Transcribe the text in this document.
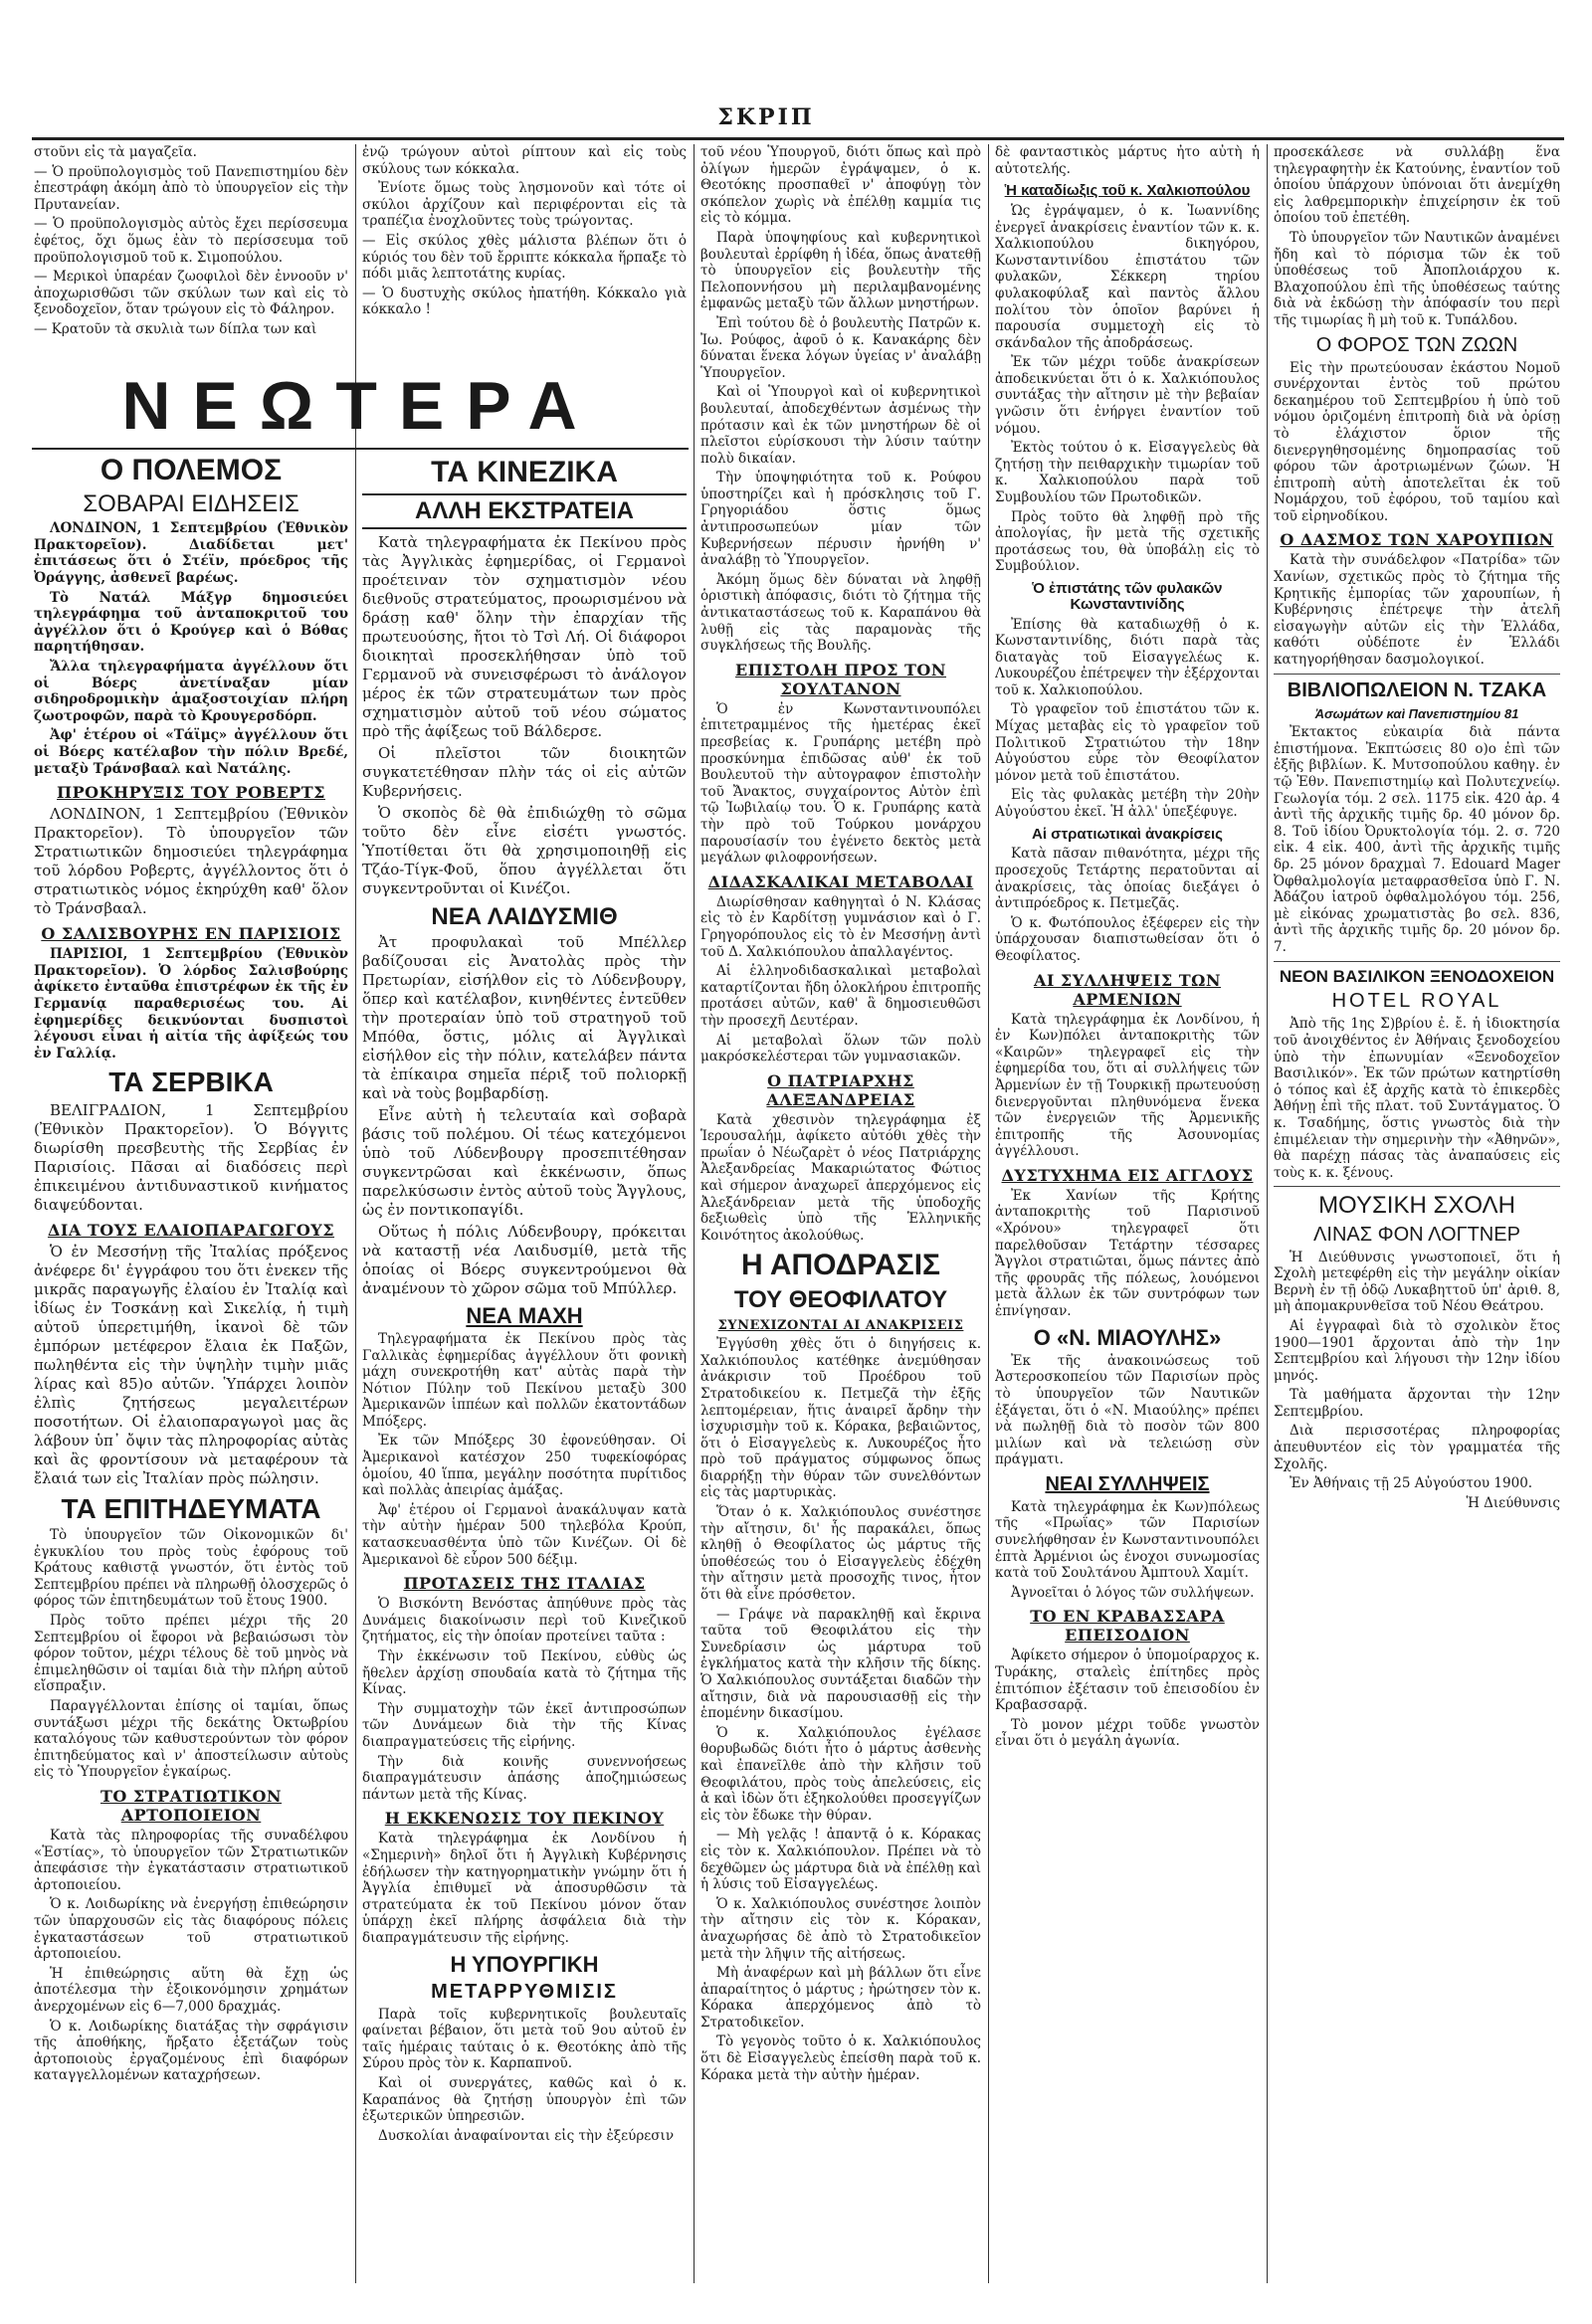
ΣΚΡΙΠ

στοῦνι εἰς τὰ μαγαζεῖα.

— Ὁ προϋπολογισμὸς τοῦ Πανεπιστημίου δὲν ἐπεστράφη ἀκόμη ἀπὸ τὸ ὑπουργεῖον εἰς τὴν Πρυτανείαν.

— Ὁ προϋπολογισμὸς αὐτὸς ἔχει περίσσευμα ἐφέτος, ὄχι ὅμως ἐὰν τὸ περίσσευμα τοῦ προϋπολογισμοῦ τοῦ κ. Σιμοπούλου.

— Μερικοὶ ὑπαρέαν ζωοφιλοὶ δὲν ἐννοοῦν ν' ἀποχωρισθῶσι τῶν σκύλων των καὶ εἰς τὸ ξενοδοχεῖον, ὅταν τρώγουν εἰς τὸ Φάληρον.

— Κρατοῦν τὰ σκυλιὰ των δίπλα των καὶ

Ο ΠΟΛΕΜΟΣ
ΣΟΒΑΡΑΙ ΕΙΔΗΣΕΙΣ

ΛΟΝΔΙΝΟΝ, 1 Σεπτεμβρίου (Ἐθνικὸν Πρακτορεῖον). Διαδίδεται μετ' ἐπιτάσεως ὅτι ὁ Στέϊν, πρόεδρος τῆς Ὀράγγης, ἀσθενεῖ βαρέως.

Τὸ Νατάλ Μάξγρ δημοσιεύει τηλεγράφημα τοῦ ἀνταποκριτοῦ του ἀγγέλλον ὅτι ὁ Κρούγερ καὶ ὁ Βόθας παρητήθησαν.

Ἄλλα τηλεγραφήματα ἀγγέλλουν ὅτι οἱ Βόερς ἀνετίναξαν μίαν σιδηροδρομικὴν ἁμαξοστοιχίαν πλήρη ζωοτροφῶν, παρὰ τὸ Κρουγερσδόρπ.

Ἀφ' ἑτέρου οἱ «Τάϊμς» ἀγγέλλουν ὅτι οἱ Βόερς κατέλαβον τὴν πόλιν Βρεδέ, μεταξὺ Τράνσβααλ καὶ Νατάλης.

ΠΡΟΚΗΡΥΞΙΣ ΤΟΥ ΡΟΒΕΡΤΣ

ΛΟΝΔΙΝΟΝ, 1 Σεπτεμβρίου (Ἐθνικὸν Πρακτορεῖον). Τὸ ὑπουργεῖον τῶν Στρατιωτικῶν δημοσιεύει τηλεγράφημα τοῦ λόρδου Ροβερτς, ἀγγέλλοντος ὅτι ὁ στρατιωτικὸς νόμος ἐκηρύχθη καθ' ὅλον τὸ Τράνσβααλ.

Ο ΣΑΛΙΣΒΟΥΡΗΣ ΕΝ ΠΑΡΙΣΙΟΙΣ

ΠΑΡΙΣΙΟΙ, 1 Σεπτεμβρίου (Ἐθνικὸν Πρακτορεῖον). Ὁ λόρδος Σαλισβούρης ἀφίκετο ἐνταῦθα ἐπιστρέφων ἐκ τῆς ἐν Γερμανίᾳ παραθερισέως του. Αἱ ἐφημερίδες δεικνύονται δυσπιστοὶ λέγουσι εἶναι ἡ αἰτία τῆς ἀφίξεώς του ἐν Γαλλίᾳ.

ΤΑ ΣΕΡΒΙΚΑ

ΒΕΛΙΓΡΑΔΙΟΝ, 1 Σεπτεμβρίου (Ἐθνικὸν Πρακτορεῖον). Ὁ Βόγγιτς διωρίσθη πρεσβευτὴς τῆς Σερβίας ἐν Παρισίοις. Πᾶσαι αἱ διαδόσεις περὶ ἐπικειμένου ἀντιδυναστικοῦ κινήματος διαψεύδονται.

ΔΙΑ ΤΟΥΣ ΕΛΑΙΟΠΑΡΑΓΩΓΟΥΣ

Ὁ ἐν Μεσσήνῃ τῆς Ἰταλίας πρόξενος ἀνέφερε δι' ἐγγράφου του ὅτι ἐνεκεν τῆς μικρᾶς παραγωγῆς ἐλαίου ἐν Ἰταλίᾳ καὶ ἰδίως ἐν Τοσκάνῃ καὶ Σικελίᾳ, ἡ τιμὴ αὐτοῦ ὑπερετιμήθη, ἱκανοὶ δὲ τῶν ἐμπόρων μετέφερον ἔλαια ἐκ Παξῶν, πωληθέντα εἰς τὴν ὑψηλὴν τιμὴν μιᾶς λίρας καὶ 85)ο αὐτῶν. Ὑπάρχει λοιπὸν ἐλπὶς ζητήσεως μεγαλειτέρων ποσοτήτων. Οἱ ἐλαιοπαραγωγοὶ μας ἂς λάβουν ὑπ᾽ ὄψιν τὰς πληροφορίας αὐτὰς καὶ ἂς φροντίσουν νὰ μεταφέρουν τὰ ἔλαιά των εἰς Ἰταλίαν πρὸς πώλησιν.

ΤΑ ΕΠΙΤΗΔΕΥΜΑΤΑ

Τὸ ὑπουργεῖον τῶν Οἰκονομικῶν δι' ἐγκυκλίου του πρὸς τοὺς ἐφόρους τοῦ Κράτους καθιστᾷ γνωστόν, ὅτι ἐντὸς τοῦ Σεπτεμβρίου πρέπει νὰ πληρωθῇ ὁλοσχερῶς ὁ φόρος τῶν ἐπιτηδευμάτων τοῦ ἔτους 1900.

Πρὸς τοῦτο πρέπει μέχρι τῆς 20 Σεπτεμβρίου οἱ ἔφοροι νὰ βεβαιώσωσι τὸν φόρον τοῦτον, μέχρι τέλους δὲ τοῦ μηνὸς νὰ ἐπιμεληθῶσιν οἱ ταμίαι διὰ τὴν πλήρη αὐτοῦ εἴσπραξιν.

Παραγγέλλονται ἐπίσης οἱ ταμίαι, ὅπως συντάξωσι μέχρι τῆς δεκάτης Ὀκτωβρίου καταλόγους τῶν καθυστερούντων τὸν φόρον ἐπιτηδεύματος καὶ ν' ἀποστείλωσιν αὐτοὺς εἰς τὸ Ὑπουργεῖον ἐγκαίρως.

ΤΟ ΣΤΡΑΤΙΩΤΙΚΟΝ ΑΡΤΟΠΟΙΕΙΟΝ

Κατὰ τὰς πληροφορίας τῆς συναδέλφου «Ἑστίας», τὸ ὑπουργεῖον τῶν Στρατιωτικῶν ἀπεφάσισε τὴν ἐγκατάστασιν στρατιωτικοῦ ἀρτοποιείου.

Ὁ κ. Λοιδωρίκης νὰ ἐνεργήσῃ ἐπιθεώρησιν τῶν ὑπαρχουσῶν εἰς τὰς διαφόρους πόλεις ἐγκαταστάσεων τοῦ στρατιωτικοῦ ἀρτοποιείου.

Ἡ ἐπιθεώρησις αὕτη θὰ ἔχῃ ὡς ἀποτέλεσμα τὴν ἐξοικονόμησιν χρημάτων ἀνερχομένων εἰς 6—7,000 δραχμάς.

Ὁ κ. Λοιδωρίκης διατάξας τὴν σφράγισιν τῆς ἀποθήκης, ἤρξατο ἐξετάζων τοὺς ἀρτοποιοὺς ἐργαζομένους ἐπὶ διαφόρων καταγγελλομένων καταχρήσεων.

ἐνῷ τρώγουν αὐτοὶ ρίπτουν καὶ εἰς τοὺς σκύλους των κόκκαλα.

Ἐνίοτε ὅμως τοὺς λησμονοῦν καὶ τότε οἱ σκύλοι ἀρχίζουν καὶ περιφέρονται εἰς τὰ τραπέζια ἐνοχλοῦντες τοὺς τρώγοντας.

— Εἰς σκύλος χθὲς μάλιστα βλέπων ὅτι ὁ κύριός του δὲν τοῦ ἔρριπτε κόκκαλα ἥρπαξε τὸ πόδι μιᾶς λεπτοτάτης κυρίας.

— Ὁ δυστυχὴς σκύλος ἠπατήθη. Κόκκαλο γιὰ κόκκαλο !

ΤΑ ΚΙΝΕΖΙΚΑ
ΑΛΛΗ ΕΚΣΤΡΑΤΕΙΑ

Κατὰ τηλεγραφήματα ἐκ Πεκίνου πρὸς τὰς Ἀγγλικὰς ἐφημερίδας, οἱ Γερμανοὶ προέτειναν τὸν σχηματισμὸν νέου διεθνοῦς στρατεύματος, προωρισμένου νὰ δράσῃ καθ' ὅλην τὴν ἐπαρχίαν τῆς πρωτευούσης, ἤτοι τὸ Τσὶ Λή. Οἱ διάφοροι διοικηταὶ προσεκλήθησαν ὑπὸ τοῦ Γερμανοῦ νὰ συνεισφέρωσι τὸ ἀνάλογον μέρος ἐκ τῶν στρατευμάτων των πρὸς σχηματισμὸν αὐτοῦ τοῦ νέου σώματος πρὸ τῆς ἀφίξεως τοῦ Βάλδερσε.

Οἱ πλεῖστοι τῶν διοικητῶν συγκατετέθησαν πλὴν τάς οἱ εἰς αὐτῶν Κυβερνήσεις.

Ὁ σκοπὸς δὲ θὰ ἐπιδιώχθῃ τὸ σῶμα τοῦτο δὲν εἶνε εἰσέτι γνωστός. Ὑποτίθεται ὅτι θὰ χρησιμοποιηθῇ εἰς Τζάο-Τίγκ-Φοῦ, ὅπου ἀγγέλλεται ὅτι συγκεντροῦνται οἱ Κινέζοι.

ΝΕΑ ΛΑΙΔΥΣΜΙΘ

Ἀτ προφυλακαὶ τοῦ Μπέλλερ βαδίζουσαι εἰς Ἀνατολὰς πρὸς τὴν Πρετωρίαν, εἰσήλθον εἰς τὸ Λύδενβουργ, ὅπερ καὶ κατέλαβον, κινηθέντες ἐντεῦθεν τὴν προτεραίαν ὑπὸ τοῦ στρατηγοῦ τοῦ Μπόθα, ὅστις, μόλις αἱ Ἀγγλικαὶ εἰσήλθον εἰς τὴν πόλιν, κατελάβεν πάντα τὰ ἐπίκαιρα σημεῖα πέριξ τοῦ πολιορκῇ καὶ νὰ τοὺς βομβαρδίσῃ.

Εἶνε αὐτὴ ἡ τελευταία καὶ σοβαρὰ βάσις τοῦ πολέμου. Οἱ τέως κατεχόμενοι ὑπὸ τοῦ Λύδενβουργ προσεπιτέθησαν συγκεντρῶσαι καὶ ἐκκένωσιν, ὅπως παρελκύσωσιν ἐντὸς αὐτοῦ τοὺς Ἄγγλους, ὡς ἐν ποντικοπαγίδι.

Οὕτως ἡ πόλις Λύδενβουργ, πρόκειται νὰ καταστῇ νέα Λαιδυσμίθ, μετὰ τῆς ὁποίας οἱ Βόερς συγκεντρούμενοι θὰ ἀναμένουν τὸ χῶρον σῶμα τοῦ Μπύλλερ.

ΝΕΑ ΜΑΧΗ

Τηλεγραφήματα ἐκ Πεκίνου πρὸς τὰς Γαλλικὰς ἐφημερίδας ἀγγέλλουν ὅτι φονικὴ μάχη συνεκροτήθη κατ' αὐτὰς παρὰ τὴν Νότιον Πύλην τοῦ Πεκίνου μεταξὺ 300 Ἀμερικανῶν ἱππέων καὶ πολλῶν ἑκατοντάδων Μπόξερς.

Ἐκ τῶν Μπόξερς 30 ἐφονεύθησαν. Οἱ Ἀμερικανοὶ κατέσχον 250 τυφεκίοφόρας ὁμοίου, 40 ἵππα, μεγάλην ποσότητα πυρίτιδος καὶ πολλὰς ἀπειρίας ἀμάξας.

Ἀφ' ἑτέρου οἱ Γερμανοὶ ἀνακάλυψαν κατὰ τὴν αὐτὴν ἡμέραν 500 τηλεβόλα Κρούπ, κατασκευασθέντα ὑπὸ τῶν Κινέζων. Οἱ δὲ Ἀμερικανοὶ δὲ εὗρον 500 δέξιμ.

ΠΡΟΤΑΣΕΙΣ ΤΗΣ ΙΤΑΛΙΑΣ

Ὁ Βισκόντη Βενόστας ἀπηύθυνε πρὸς τὰς Δυνάμεις διακοίνωσιν περὶ τοῦ Κινεζικοῦ ζητήματος, εἰς τὴν ὁποίαν προτείνει ταῦτα :

Τὴν ἐκκένωσιν τοῦ Πεκίνου, εὐθὺς ὡς ἤθελεν ἀρχίσῃ σπουδαία κατὰ τὸ ζήτημα τῆς Κίνας.

Τὴν συμματοχὴν τῶν ἐκεῖ ἀντιπροσώπων τῶν Δυνάμεων διὰ τὴν τῆς Κίνας διαπραγματεύσεις τῆς εἰρήνης.

Τὴν διὰ κοινῆς συνεννοήσεως διαπραγμάτευσιν ἀπάσης ἀποζημιώσεως πάντων μετὰ τῆς Κίνας.

Η ΕΚΚΕΝΩΣΙΣ ΤΟΥ ΠΕΚΙΝΟΥ

Κατὰ τηλεγράφημα ἐκ Λονδίνου ἡ «Σημερινὴ» δηλοῖ ὅτι ἡ Ἀγγλικὴ Κυβέρνησις ἐδήλωσεν τὴν κατηγορηματικὴν γνώμην ὅτι ἡ Ἀγγλία ἐπιθυμεῖ νὰ ἀποσυρθῶσιν τὰ στρατεύματα ἐκ τοῦ Πεκίνου μόνον ὅταν ὑπάρχῃ ἐκεῖ πλήρης ἀσφάλεια διὰ τὴν διαπραγμάτευσιν τῆς εἰρήνης.

Η ΥΠΟΥΡΓΙΚΗ
ΜΕΤΑΡΡΥΘΜΙΣΙΣ

Παρὰ τοῖς κυβερνητικοῖς βουλευταῖς φαίνεται βέβαιον, ὅτι μετὰ τοῦ 9ου αὐτοῦ ἐν ταῖς ἡμέραις ταύταις ὁ κ. Θεοτόκης ἀπὸ τῆς Σύρου πρὸς τὸν κ. Καρπαπνοῦ.

Καὶ οἱ συνεργάτες, καθῶς καὶ ὁ κ. Καραπάνος θὰ ζητήσῃ ὑπουργὸν ἐπὶ τῶν ἐξωτερικῶν ὑπηρεσιῶν.

Δυσκολίαι ἀναφαίνονται εἰς τὴν ἐξεύρεσιν

ΝΕΩΤΕΡΑ

τοῦ νέου Ὑπουργοῦ, διότι ὅπως καὶ πρὸ ὀλίγων ἡμερῶν ἐγράψαμεν, ὁ κ. Θεοτόκης προσπαθεῖ ν' ἀποφύγῃ τὸν σκόπελον χωρὶς νὰ ἐπέλθῃ καμμία τις εἰς τὸ κόμμα.

Παρὰ ὑποψηφίους καὶ κυβερνητικοὶ βουλευταὶ ἐρρίφθη ἡ ἰδέα, ὅπως ἀνατεθῇ τὸ ὑπουργεῖον εἰς βουλευτὴν τῆς Πελοποννήσου μὴ περιλαμβανομένης ἐμφανῶς μεταξὺ τῶν ἄλλων μνηστήρων.

Ἐπὶ τούτου δὲ ὁ βουλευτὴς Πατρῶν κ. Ἰω. Ρούφος, ἀφοῦ ὁ κ. Κανακάρης δὲν δύναται ἕνεκα λόγων ὑγείας ν' ἀναλάβῃ Ὑπουργεῖον.

Καὶ οἱ Ὑπουργοὶ καὶ οἱ κυβερνητικοὶ βουλευταί, ἀποδεχθέντων ἀσμένως τὴν πρότασιν καὶ ἐκ τῶν μνηστήρων δὲ οἱ πλεῖστοι εὑρίσκουσι τὴν λύσιν ταύτην πολὺ δικαίαν.

Τὴν ὑποψηφιότητα τοῦ κ. Ρούφου ὑποστηρίζει καὶ ἡ πρόσκλησις τοῦ Γ. Γρηγοριάδου ὅστις ὅμως ἀντιπροσωπεύων μίαν τῶν Κυβερνήσεων πέρυσιν ἠρνήθη ν' ἀναλάβῃ τὸ Ὑπουργεῖον.

Ἀκόμη ὅμως δὲν δύναται νὰ ληφθῇ ὁριστικὴ ἀπόφασις, διότι τὸ ζήτημα τῆς ἀντικαταστάσεως τοῦ κ. Καραπάνου θὰ λυθῇ εἰς τὰς παραμονὰς τῆς συγκλήσεως τῆς Βουλῆς.

ΕΠΙΣΤΟΛΗ ΠΡΟΣ ΤΟΝ ΣΟΥΛΤΑΝΟΝ

Ὁ ἐν Κωνσταντινουπόλει ἐπιτετραμμένος τῆς ἡμετέρας ἐκεῖ πρεσβείας κ. Γρυπάρης μετέβη πρὸ προσκύνημα ἐπιδῶσας αὐθ' ἐκ τοῦ Βουλευτοῦ τὴν αὐτογραφον ἐπιστολὴν τοῦ Ἄνακτος, συγχαίροντος Αὐτὸν ἐπὶ τῷ Ἰωβιλαίῳ του. Ὁ κ. Γρυπάρης κατὰ τὴν πρὸ τοῦ Τούρκου μονάρχου παρουσίασίν του ἐγένετο δεκτὸς μετὰ μεγάλων φιλοφρονήσεων.

ΔΙΔΑΣΚΑΛΙΚΑΙ ΜΕΤΑΒΟΛΑΙ

Διωρίσθησαν καθηγηταὶ ὁ Ν. Κλάσας εἰς τὸ ἐν Καρδίτσῃ γυμνάσιον καὶ ὁ Γ. Γρηγορόπουλος εἰς τὸ ἐν Μεσσήνῃ ἀντὶ τοῦ Δ. Χαλκιόπουλου ἀπαλλαγέντος.

Αἱ ἑλληνοδιδασκαλικαὶ μεταβολαὶ καταρτίζονται ἤδη ὁλοκλήρου ἐπιτροπῆς προτάσει αὐτῶν, καθ' ἃ δημοσιευθῶσι τὴν προσεχῆ Δευτέραν.

Αἱ μεταβολαὶ ὅλων τῶν πολὺ μακρόσκελέστεραι τῶν γυμνασιακῶν.

Ο ΠΑΤΡΙΑΡΧΗΣ ΑΛΕΞΑΝΔΡΕΙΑΣ

Κατὰ χθεσινὸν τηλεγράφημα ἐξ Ἱερουσαλήμ, ἀφίκετο αὐτόθι χθὲς τὴν πρωΐαν ὁ Νέωζαρὲτ ὁ νέος Πατριάρχης Ἀλεξανδρείας Μακαριώτατος Φώτιος καὶ σήμερον ἀναχωρεῖ ἀπερχόμενος εἰς Ἀλεξάνδρειαν μετὰ τῆς ὑποδοχῆς δεξιωθεὶς ὑπὸ τῆς Ἑλληνικῆς Κοινότητος ἀκολούθως.

Η ΑΠΟΔΡΑΣΙΣ
ΤΟΥ ΘΕΟΦΙΛΑΤΟΥ
ΣΥΝΕΧΙΖΟΝΤΑΙ ΑΙ ΑΝΑΚΡΙΣΕΙΣ

Ἐγγύσθη χθὲς ὅτι ὁ διηγήσεις κ. Χαλκιόπουλος κατέθηκε ἀνεμύθησαν ἀνάκρισιν τοῦ Προέδρου τοῦ Στρατοδικείου κ. Πετμεζᾶ τὴν ἐξῆς λεπτομέρειαν, ἥτις ἀναιρεῖ ἄρδην τὴν ἰσχυρισμὴν τοῦ κ. Κόρακα, βεβαιῶντος, ὅτι ὁ Εἰσαγγελεὺς κ. Λυκουρέζος ἦτο πρὸ τοῦ πράγματος σύμφωνος ὅπως διαρρήξῃ τὴν θύραν τῶν συνελθόντων εἰς τὰς μαρτυρικὰς.

Ὅταν ὁ κ. Χαλκιόπουλος συνέστησε τὴν αἴτησιν, δι' ἧς παρακάλει, ὅπως κληθῇ ὁ Θεοφίλατος ὡς μάρτυς τῆς ὑποθέσεώς του ὁ Εἰσαγγελεὺς ἐδέχθη τὴν αἴτησιν μετὰ προσοχῆς τινος, ἦτον ὅτι θὰ εἶνε πρόσθετον.

— Γράψε νὰ παρακληθῇ καὶ ἔκρινα ταῦτα τοῦ Θεοφιλάτου εἰς τὴν Συνεδρίασιν ὡς μάρτυρα τοῦ ἐγκλήματος κατὰ τὴν κλῆσιν τῆς δίκης. Ὁ Χαλκιόπουλος συντάξεται διαδῶν τὴν αἴτησιν, διὰ νὰ παρουσιασθῇ εἰς τὴν ἑπομένην δικασίμου.

Ὁ κ. Χαλκιόπουλος ἐγέλασε θορυβωδῶς διότι ἦτο ὁ μάρτυς ἀσθενὴς καὶ ἐπανεῖλθε ἀπὸ τὴν κλῆσιν τοῦ Θεοφιλάτου, πρὸς τοὺς ἀπελεύσεις, εἰς ἀ καὶ ἰδὼν ὅτι ἐξηκολούθει προσεγγίζων εἰς τὸν ἔδωκε τὴν θύραν.

— Μὴ γελᾷς ! ἀπαντᾷ ὁ κ. Κόρακας εἰς τὸν κ. Χαλκιόπουλον. Πρέπει νὰ τὸ δεχθῶμεν ὡς μάρτυρα διὰ νὰ ἐπέλθῃ καὶ ἡ λύσις τοῦ Εἰσαγγελέως.

Ὁ κ. Χαλκιόπουλος συνέστησε λοιπὸν τὴν αἴτησιν εἰς τὸν κ. Κόρακαν, ἀναχωρήσας δὲ ἀπὸ τὸ Στρατοδικεῖον μετὰ τὴν λῆψιν τῆς αἰτήσεως.

Μὴ ἀναφέρων καὶ μὴ βάλλων ὅτι εἶνε ἀπαραίτητος ὁ μάρτυς ; ἠρώτησεν τὸν κ. Κόρακα ἀπερχόμενος ἀπὸ τὸ Στρατοδικεῖον.

Τὸ γεγονὸς τοῦτο ὁ κ. Χαλκιόπουλος ὅτι δὲ Εἰσαγγελεὺς ἐπείσθη παρὰ τοῦ κ. Κόρακα μετὰ τὴν αὐτὴν ἡμέραν.

δὲ φανταστικὸς μάρτυς ἦτο αὐτὴ ἡ αὐτοτελής.

Ἡ καταδίωξις τοῦ κ. Χαλκιοπούλου

Ὡς ἐγράψαμεν, ὁ κ. Ἰωαννίδης ἐνεργεῖ ἀνακρίσεις ἐναντίον τῶν κ. κ. Χαλκιοπούλου δικηγόρου, Κωνσταντινίδου ἐπιστάτου τῶν φυλακῶν, Σέκκερη τηρίου φυλακοφύλαξ καὶ παντὸς ἄλλου πολίτου τὸν ὁποῖον βαρύνει ἡ παρουσία συμμετοχὴ εἰς τὸ σκάνδαλον τῆς ἀποδράσεως.

Ἐκ τῶν μέχρι τοῦδε ἀνακρίσεων ἀποδεικνύεται ὅτι ὁ κ. Χαλκιόπουλος συντάξας τὴν αἴτησιν μὲ τὴν βεβαίαν γνῶσιν ὅτι ἐνήργει ἐναντίον τοῦ νόμου.

Ἐκτὸς τούτου ὁ κ. Εἰσαγγελεὺς θὰ ζητήσῃ τὴν πειθαρχικὴν τιμωρίαν τοῦ κ. Χαλκιοπούλου παρὰ τοῦ Συμβουλίου τῶν Πρωτοδικῶν.

Πρὸς τοῦτο θὰ ληφθῇ πρὸ τῆς ἀπολογίας, ἣν μετὰ τῆς σχετικῆς προτάσεως του, θὰ ὑποβάλῃ εἰς τὸ Συμβούλιον.

Ὁ ἐπιστάτης τῶν φυλακῶν Κωνσταντινίδης

Ἐπίσης θὰ καταδιωχθῇ ὁ κ. Κωνσταντινίδης, διότι παρὰ τὰς διαταγὰς τοῦ Εἰσαγγελέως κ. Λυκουρέζου ἐπέτρεψεν τὴν ἐξέρχονται τοῦ κ. Χαλκιοπούλου.

Τὸ γραφεῖον τοῦ ἐπιστάτου τῶν κ. Μίχας μεταβὰς εἰς τὸ γραφεῖον τοῦ Πολιτικοῦ Στρατιώτου τὴν 18ην Αὐγούστου εὗρε τὸν Θεοφίλατον μόνον μετὰ τοῦ ἐπιστάτου.

Εἰς τὰς φυλακὰς μετέβη τὴν 20ὴν Αὐγούστου ἐκεῖ. Ἡ ἀλλ' ὑπεξέφυγε.

Αἱ στρατιωτικαὶ ἀνακρίσεις

Κατὰ πᾶσαν πιθανότητα, μέχρι τῆς προσεχοῦς Τετάρτης περατοῦνται αἱ ἀνακρίσεις, τὰς ὁποίας διεξάγει ὁ ἀντιπρόεδρος κ. Πετμεζᾶς.

Ὁ κ. Φωτόπουλος ἐξέφερεν εἰς τὴν ὑπάρχουσαν διαπιστωθείσαν ὅτι ὁ Θεοφίλατος.

ΑΙ ΣΥΛΛΗΨΕΙΣ ΤΩΝ ΑΡΜΕΝΙΩΝ

Κατὰ τηλεγράφημα ἐκ Λονδίνου, ἡ ἐν Κων)πόλει ἀνταποκριτὴς τῶν «Καιρῶν» τηλεγραφεῖ εἰς τὴν ἐφημερίδα του, ὅτι αἱ συλλήψεις τῶν Ἀρμενίων ἐν τῇ Τουρκικῇ πρωτευούσῃ διενεργοῦνται πληθυνόμενα ἕνεκα τῶν ἐνεργειῶν τῆς Ἀρμενικῆς ἐπιτροπῆς τῆς Ἀσουνομίας ἀγγέλλουσι.

ΔΥΣΤΥΧΗΜΑ ΕΙΣ ΑΓΓΛΟΥΣ

Ἐκ Χανίων τῆς Κρήτης ἀνταποκριτὴς τοῦ Παρισινοῦ «Χρόνου» τηλεγραφεῖ ὅτι παρελθοῦσαν Τετάρτην τέσσαρες Ἄγγλοι στρατιῶται, ὅμως πάντες ἀπὸ τῆς φρουρᾶς τῆς πόλεως, λουόμενοι μετὰ ἄλλων ἐκ τῶν συντρόφων των ἐπνίγησαν.

Ο «Ν. ΜΙΑΟΥΛΗΣ»

Ἐκ τῆς ἀνακοινώσεως τοῦ Ἀστεροσκοπείου τῶν Παρισίων πρὸς τὸ ὑπουργεῖον τῶν Ναυτικῶν ἐξάγεται, ὅτι ὁ «Ν. Μιαούλης» πρέπει νὰ πωληθῇ διὰ τὸ ποσὸν τῶν 800 μιλίων καὶ νὰ τελειώσῃ σὺν πράγματι.

ΝΕΑΙ ΣΥΛΛΗΨΕΙΣ

Κατὰ τηλεγράφημα ἐκ Κων)πόλεως τῆς «Πρωΐας» τῶν Παρισίων συνελήφθησαν ἐν Κωνσταντινουπόλει ἐπτὰ Ἀρμένιοι ὡς ἐνοχοι συνωμοσίας κατὰ τοῦ Σουλτάνου Ἀμπτουλ Χαμίτ.

Ἀγνοεῖται ὁ λόγος τῶν συλλήψεων.

ΤΟ ΕΝ ΚΡΑΒΑΣΣΑΡΑ ΕΠΕΙΣΟΔΙΟΝ

Ἀφίκετο σήμερον ὁ ὑπομοίραρχος κ. Τυράκης, σταλεὶς ἐπίτηδες πρὸς ἐπιτόπιον ἐξέτασιν τοῦ ἐπεισοδίου ἐν Κραβασσαρᾷ.

Τὸ μονον μέχρι τοῦδε γνωστὸν εἶναι ὅτι ὁ μεγάλη ἀγωνία.

προσεκάλεσε νὰ συλλάβῃ ἕνα τηλεγραφητὴν ἐκ Κατούνης, ἐναντίον τοῦ ὁποίου ὑπάρχουν ὑπόνοιαι ὅτι ἀνεμίχθη εἰς λαθρεμπορικὴν ἐπιχείρησιν ἐκ τοῦ ὁποίου τοῦ ἐπετέθη.

Τὸ ὑπουργεῖον τῶν Ναυτικῶν ἀναμένει ἤδη καὶ τὸ πόρισμα τῶν ἐκ τοῦ ὑποθέσεως τοῦ Ἀποπλοιάρχου κ. Βλαχοπούλου ἐπὶ τῆς ὑποθέσεως ταύτης διὰ νὰ ἐκδώσῃ τὴν ἀπόφασίν του περὶ τῆς τιμωρίας ἢ μὴ τοῦ κ. Τυπάλδου.

Ο ΦΟΡΟΣ ΤΩΝ ΖΩΩΝ

Εἰς τὴν πρωτεύουσαν ἑκάστου Νομοῦ συνέρχονται ἐντὸς τοῦ πρώτου δεκαημέρου τοῦ Σεπτεμβρίου ἡ ὑπὸ τοῦ νόμου ὁριζομένη ἐπιτροπὴ διὰ νὰ ὁρίσῃ τὸ ἐλάχιστον ὅριον τῆς διενεργηθησομένης δημοπρασίας τοῦ φόρου τῶν ἀροτριωμένων ζώων. Ἡ ἐπιτροπὴ αὐτὴ ἀποτελεῖται ἐκ τοῦ Νομάρχου, τοῦ ἐφόρου, τοῦ ταμίου καὶ τοῦ εἰρηνοδίκου.

Ο ΔΑΣΜΟΣ ΤΩΝ ΧΑΡΟΥΠΙΩΝ

Κατὰ τὴν συνάδελφον «Πατρίδα» τῶν Χανίων, σχετικῶς πρὸς τὸ ζήτημα τῆς Κρητικῆς ἐμπορίας τῶν χαρουπίων, ἡ Κυβέρνησις ἐπέτρεψε τὴν ἀτελῆ εἰσαγωγὴν αὐτῶν εἰς τὴν Ἑλλάδα, καθότι οὐδέποτε ἐν Ἑλλάδι κατηγορήθησαν δασμολογικοί.

ΒΙΒΛΙΟΠΩΛΕΙΟΝ Ν. ΤΖΑΚΑ
Ἀσωμάτων καὶ Πανεπιστημίου 81

Ἐκτακτος εὐκαιρία διὰ πάντα ἐπιστήμονα. Ἐκπτώσεις 80 ο)ο ἐπὶ τῶν ἑξῆς βιβλίων. Κ. Μυτσοπούλου καθηγ. ἐν τῷ Ἐθν. Πανεπιστημίῳ καὶ Πολυτεχνείῳ. Γεωλογία τόμ. 2 σελ. 1175 εἰκ. 420 ἀρ. 4 ἀντὶ τῆς ἀρχικῆς τιμῆς δρ. 40 μόνον δρ. 8. Τοῦ ἰδίου Ὀρυκτολογία τόμ. 2. σ. 720 εἰκ. 4 εἰκ. 400, ἀντὶ τῆς ἀρχικῆς τιμῆς δρ. 25 μόνον δραχμαὶ 7. Edouard Mager Ὀφθαλμολογία μεταφρασθεῖσα ὑπὸ Γ. Ν. Ἀδάζου ἰατροῦ ὀφθαλμολόγου τόμ. 256, μὲ εἰκόνας χρωματιστὰς βο σελ. 836, ἀντὶ τῆς ἀρχικῆς τιμῆς δρ. 20 μόνον δρ. 7.

ΝΕΟΝ ΒΑΣΙΛΙΚΟΝ ΞΕΝΟΔΟΧΕΙΟΝ
HOTEL ROYAL

Ἀπὸ τῆς 1ης Σ)βρίου ἐ. ἔ. ἡ ἰδιοκτησία τοῦ ἀνοιχθέντος ἐν Ἀθήναις ξενοδοχείου ὑπὸ τὴν ἐπωνυμίαν «Ξενοδοχεῖον Βασιλικόν». Ἐκ τῶν πρώτων κατηρτίσθη ὁ τόπος καὶ ἐξ ἀρχῆς κατὰ τὸ ἐπικερδὲς Ἀθήνῃ ἐπὶ τῆς πλατ. τοῦ Συντάγματος. Ὁ κ. Τσαδήμης, ὅστις γνωστὸς διὰ τὴν ἐπιμέλειαν τὴν σημερινὴν τὴν «Ἀθηνῶν», θὰ παρέχῃ πάσας τὰς ἀναπαύσεις εἰς τοὺς κ. κ. ξένους.

ΜΟΥΣΙΚΗ ΣΧΟΛΗ
ΛΙΝΑΣ ΦΟΝ ΛΟΓΤΝΕΡ

Ἡ Διεύθυνσις γνωστοποιεῖ, ὅτι ἡ Σχολὴ μετεφέρθη εἰς τὴν μεγάλην οἰκίαν Βερνὴ ἐν τῇ ὁδῷ Λυκαβηττοῦ ὑπ' ἀριθ. 8, μὴ ἀπομακρυνθεῖσα τοῦ Νέου Θεάτρου.

Αἱ ἐγγραφαὶ διὰ τὸ σχολικὸν ἔτος 1900—1901 ἄρχονται ἀπὸ τὴν 1ην Σεπτεμβρίου καὶ λήγουσι τὴν 12ην ἰδίου μηνός.

Τὰ μαθήματα ἄρχονται τὴν 12ην Σεπτεμβρίου.

Διὰ περισσοτέρας πληροφορίας ἀπευθυντέον εἰς τὸν γραμματέα τῆς Σχολῆς.

Ἐν Ἀθήναις τῇ 25 Αὐγούστου 1900.

Ἡ Διεύθυνσις
